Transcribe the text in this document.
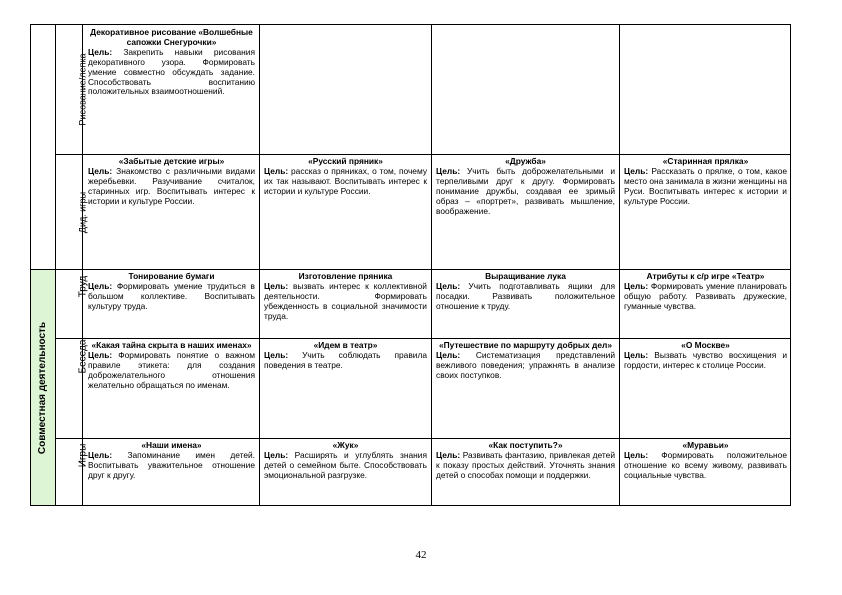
Совместная деятельность
Рисование/лепка
Дид. игры
Труд
Беседа
Игры
Декоративное рисование «Волшебные сапожки Снегурочки»
Цель: Закрепить навыки рисования декоративного узора. Формировать умение совместно обсуждать задание. Способствовать воспитанию положительных взаимоотношений.
«Забытые детские игры»
Цель: Знакомство с различными видами жеребьевки. Разучивание считалок, старинных игр. Воспитывать интерес к истории и культуре России.
«Русский пряник»
Цель: рассказ о пряниках, о том, почему их так называют. Воспитывать интерес к истории и культуре России.
«Дружба»
Цель: Учить быть доброжелательными и терпеливыми друг к другу. Формировать понимание дружбы, создавая ее зримый образ – «портрет», развивать мышление, воображение.
«Старинная прялка»
Цель: Рассказать о прялке, о том, какое место она занимала в жизни женщины на Руси. Воспитывать интерес к истории и культуре России.
Тонирование бумаги
Цель: Формировать умение трудиться в большом коллективе. Воспитывать культуру труда.
Изготовление пряника
Цель: вызвать интерес к коллективной деятельности. Формировать убежденность в социальной значимости труда.
Выращивание лука
Цель: Учить подготавливать ящики для посадки. Развивать положительное отношение к труду.
Атрибуты к с/р игре «Театр»
Цель: Формировать умение планировать общую работу. Развивать дружеские, гуманные чувства.
«Какая тайна скрыта в наших именах»
Цель: Формировать понятие о важном правиле этикета: для создания доброжелательного отношения желательно обращаться по именам.
«Идем в театр»
Цель: Учить соблюдать правила поведения в театре.
«Путешествие по маршруту добрых дел»
Цель: Систематизация представлений вежливого поведения; упражнять в анализе своих поступков.
«О Москве»
Цель: Вызвать чувство восхищения и гордости, интерес к столице России.
«Наши имена»
Цель: Запоминание имен детей. Воспитывать уважительное отношение друг к другу.
«Жук»
Цель: Расширять и углублять знания детей о семейном быте. Способствовать эмоциональной разгрузке.
«Как поступить?»
Цель: Развивать фантазию, привлекая детей к показу простых действий. Уточнять знания детей о способах помощи и поддержки.
«Муравьи»
Цель: Формировать положительное отношение ко всему живому, развивать социальные чувства.
42
